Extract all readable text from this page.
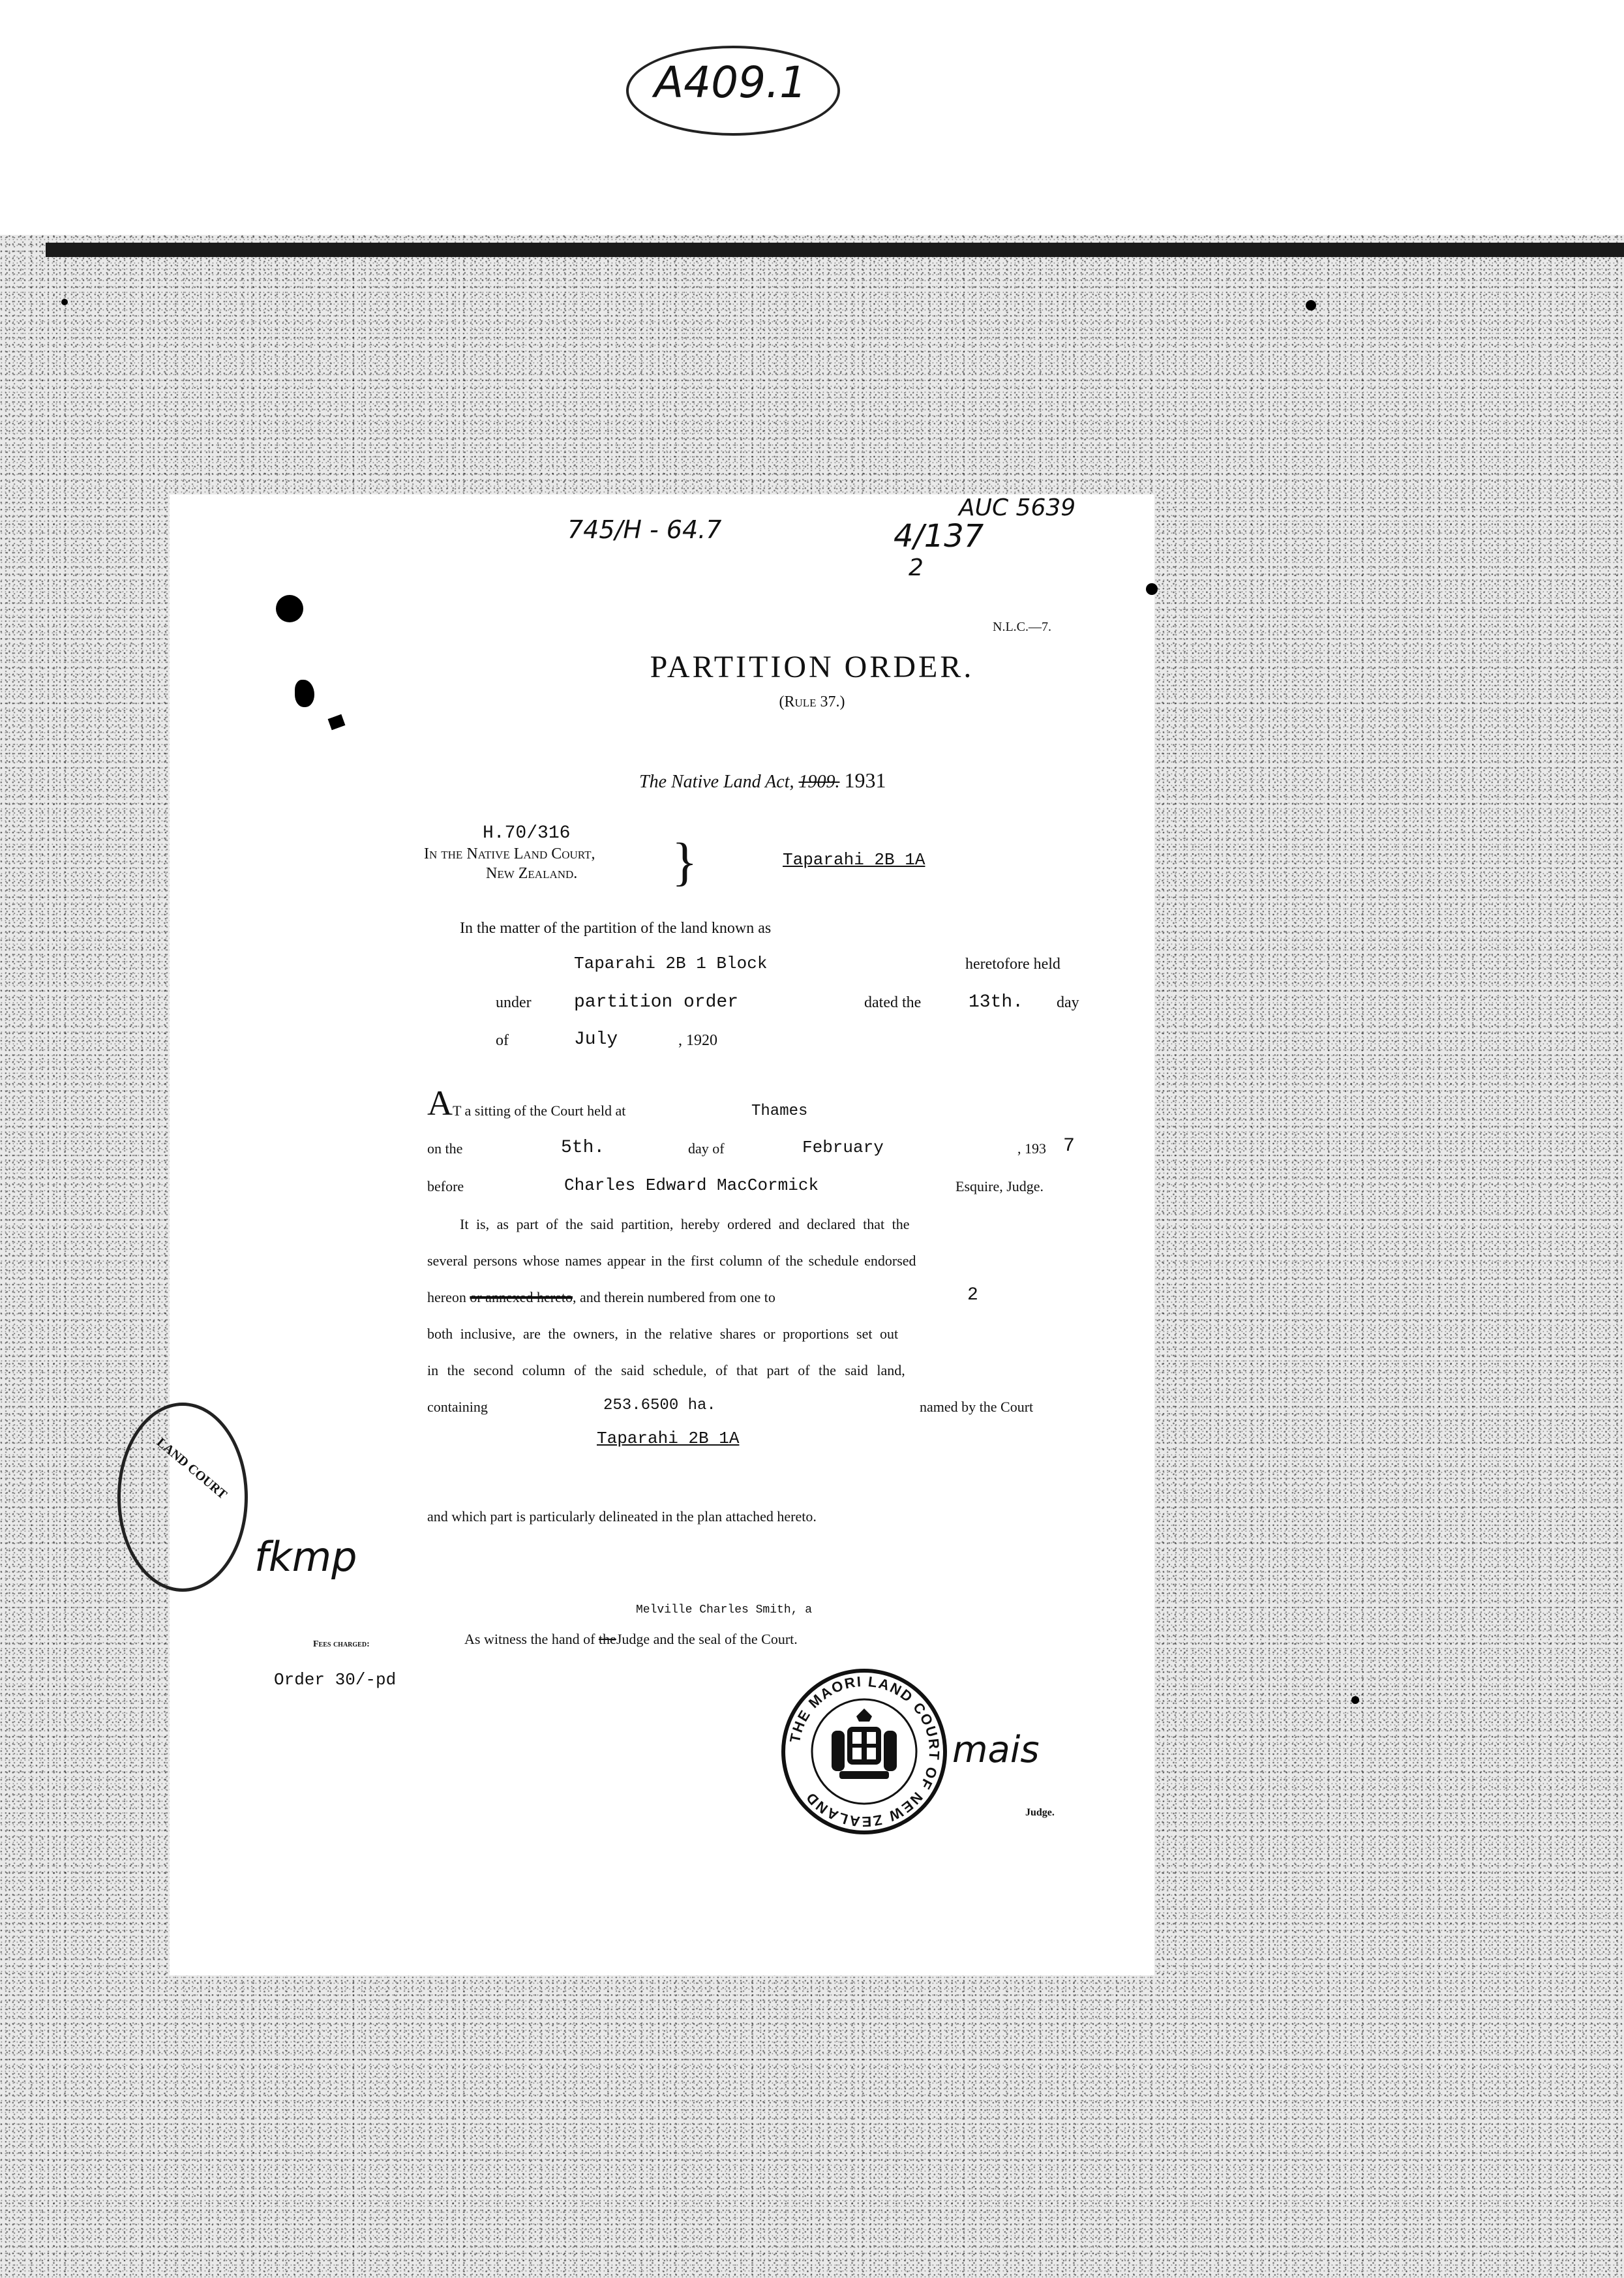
A409.1
745/H - 64.7
AUC 5639
4/137
2
N.L.C.—7.
PARTITION ORDER.
(Rule 37.)
The Native Land Act, 1909. 1931
H.70/316
In the Native Land Court,
New Zealand. }	Taparahi 2B 1A
In the matter of the partition of the land known as
Taparahi 2B 1 Block	heretofore held
under partition order	dated the	13th. day
of	July	, 1920
A T a sitting of the Court held at	Thames
on the	5th.	day of	February	, 193 7
before	Charles Edward MacCormick	Esquire, Judge.
It is, as part of the said partition, hereby ordered and declared that the
several persons whose names appear in the first column of the schedule endorsed
hereon or annexed hereto, and therein numbered from one to	2
both inclusive, are the owners, in the relative shares or proportions set out
in the second column of the said schedule, of that part of the said land,
containing	253.6500 ha.	named by the Court
Taparahi 2B 1A
and which part is particularly delineated in the plan attached hereto.
LAND COURT
fkmp
Melville Charles Smith, a
Fees charged:	As witness the hand of theJudge and the seal of the Court.
Order 30/-pd
THE MAORI LAND COURT OF NEW ZEALAND
mais
Judge.
